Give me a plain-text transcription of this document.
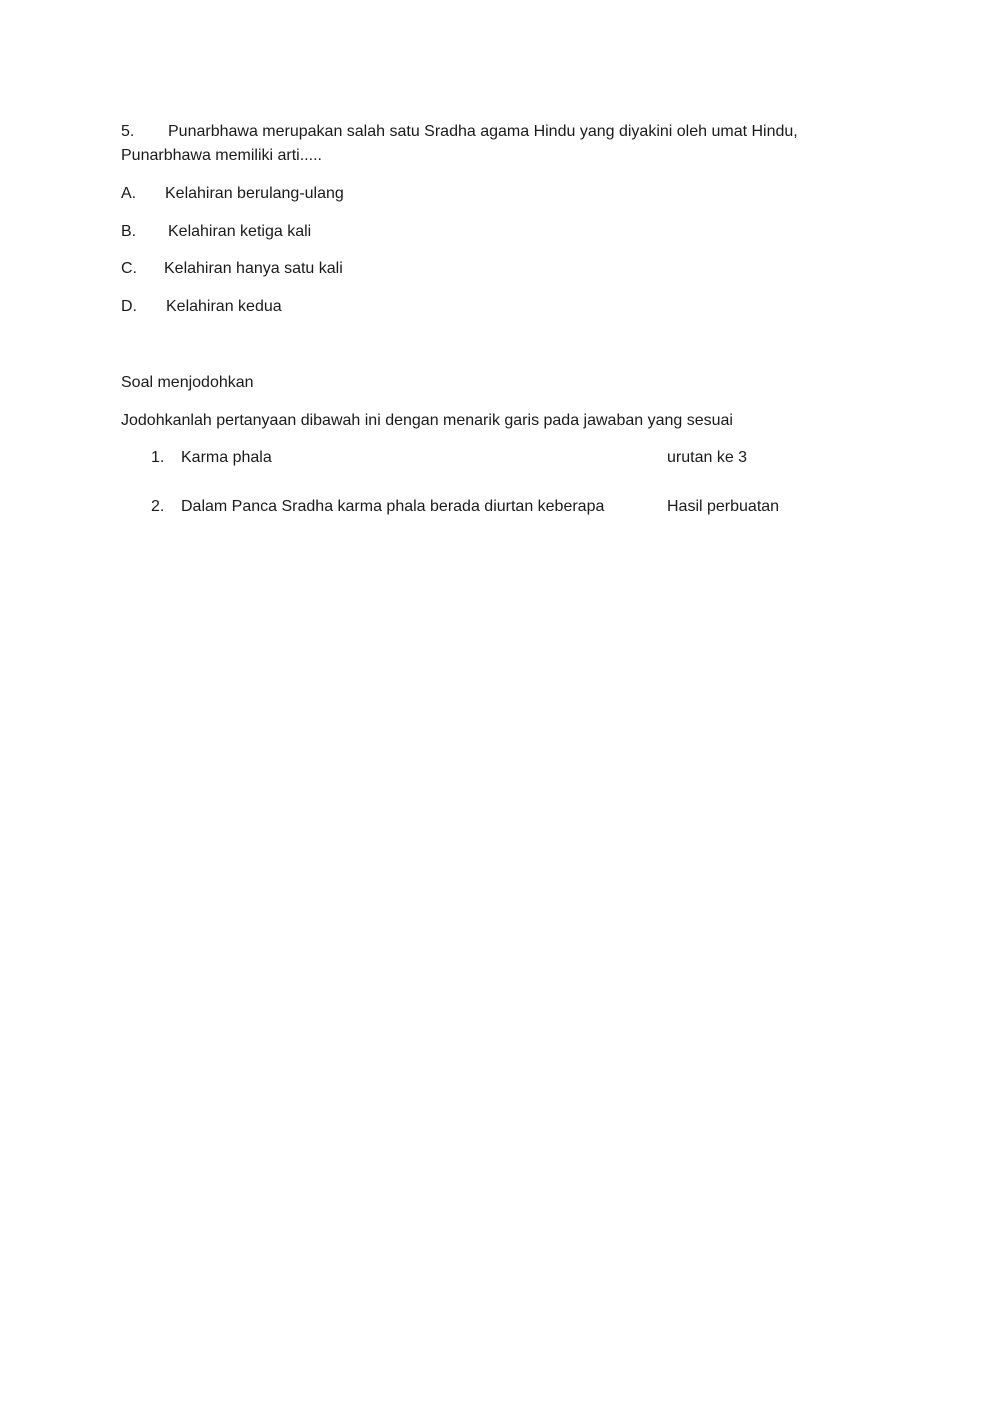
5. Punarbhawa merupakan salah satu Sradha agama Hindu yang diyakini oleh umat Hindu,
Punarbhawa memiliki arti.....
A. Kelahiran berulang-ulang
B. Kelahiran ketiga kali
C. Kelahiran hanya satu kali
D. Kelahiran kedua
Soal menjodohkan
Jodohkanlah pertanyaan dibawah ini dengan menarik garis pada jawaban yang sesuai
1. Karma phala	urutan ke 3
2. Dalam Panca Sradha karma phala berada diurtan keberapa	Hasil perbuatan
